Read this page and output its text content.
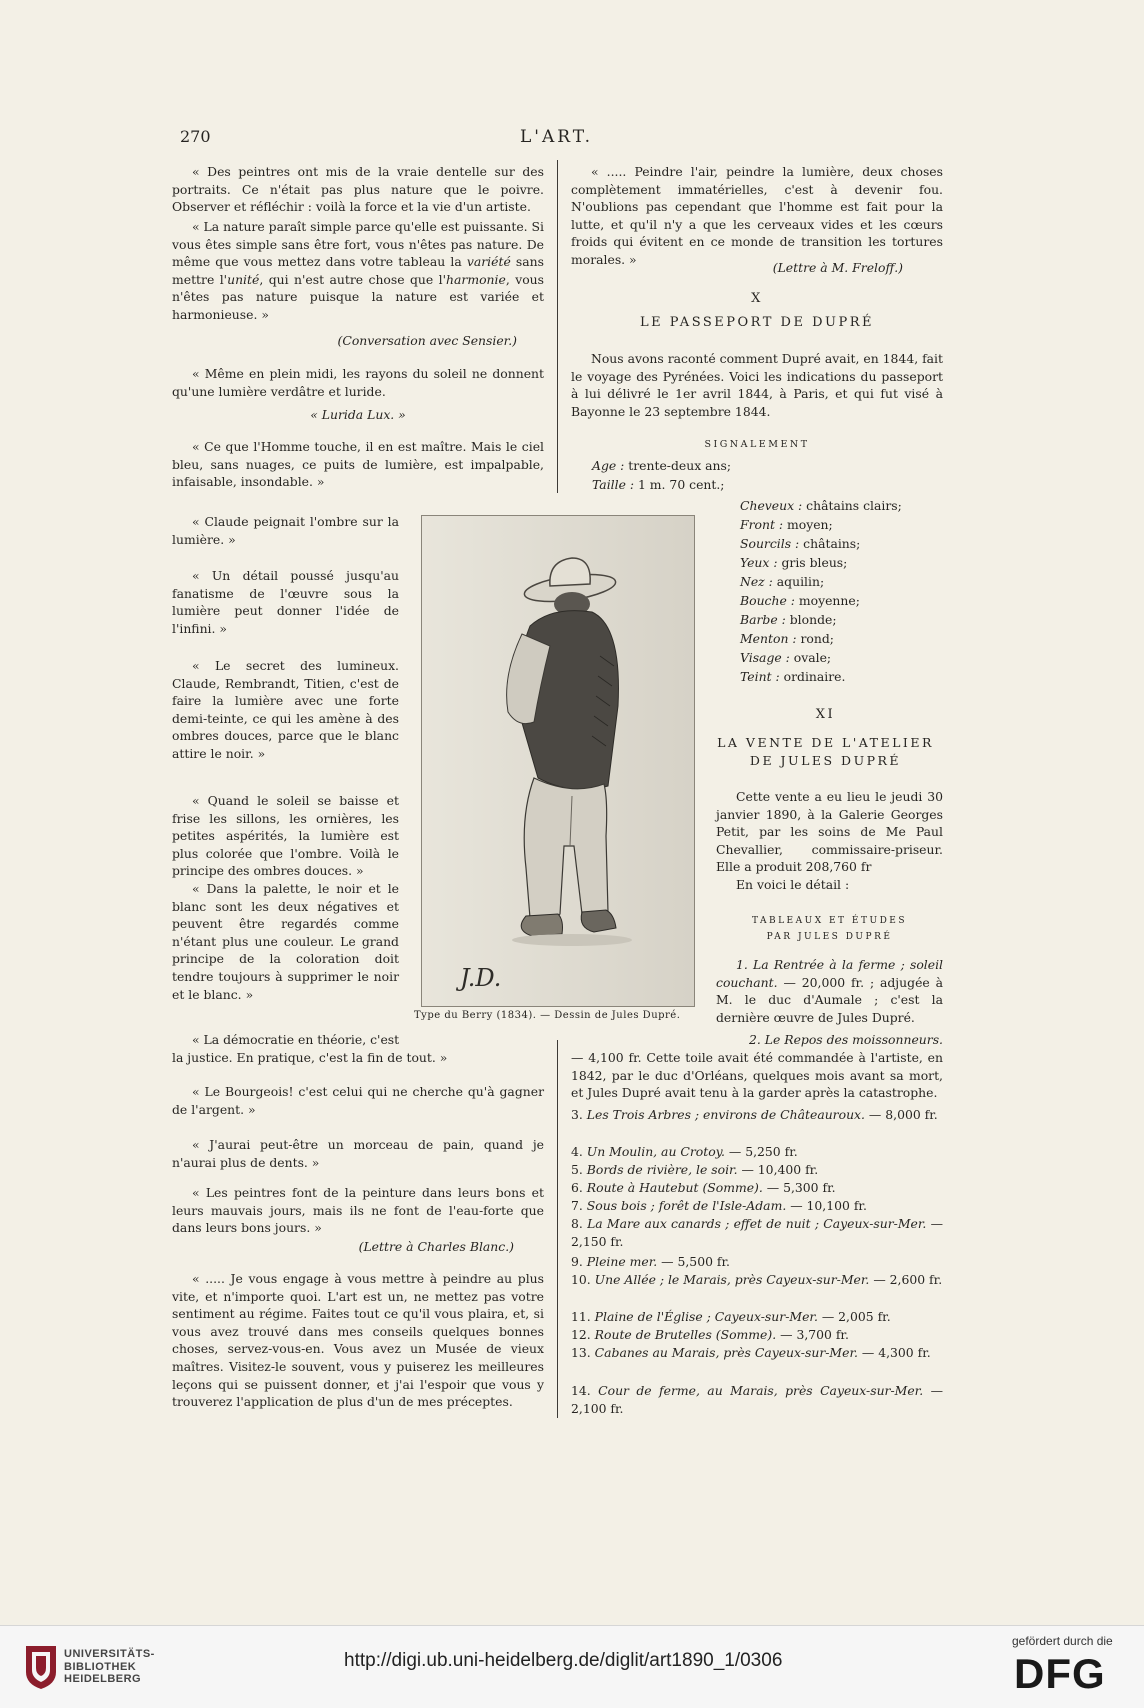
270	L'ART.
« Des peintres ont mis de la vraie dentelle sur des portraits. Ce n'était pas plus nature que le poivre. Observer et réfléchir : voilà la force et la vie d'un artiste.
« La nature paraît simple parce qu'elle est puissante. Si vous êtes simple sans être fort, vous n'êtes pas nature. De même que vous mettez dans votre tableau la variété sans mettre l'unité, qui n'est autre chose que l'harmonie, vous n'êtes pas nature puisque la nature est variée et harmonieuse. »
(Conversation avec Sensier.)
« Même en plein midi, les rayons du soleil ne donnent qu'une lumière verdâtre et luride.
« Lurida Lux. »
« Ce que l'Homme touche, il en est maître. Mais le ciel bleu, sans nuages, ce puits de lumière, est impalpable, infaisable, insondable. »
« Claude peignait l'ombre sur la lumière. »
« Un détail poussé jusqu'au fanatisme de l'œuvre sous la lumière peut donner l'idée de l'infini. »
« Le secret des lumineux. Claude, Rembrandt, Titien, c'est de faire la lumière avec une forte demi-teinte, ce qui les amène à des ombres douces, parce que le blanc attire le noir. »
« Quand le soleil se baisse et frise les sillons, les ornières, les petites aspérités, la lumière est plus colorée que l'ombre. Voilà le principe des ombres douces. »
« Dans la palette, le noir et le blanc sont les deux négatives et peuvent être regardés comme n'étant plus une couleur. Le grand principe de la coloration doit tendre toujours à supprimer le noir et le blanc. »
« La démocratie en théorie, c'est
la justice. En pratique, c'est la fin de tout. »
« Le Bourgeois! c'est celui qui ne cherche qu'à gagner de l'argent. »
« J'aurai peut-être un morceau de pain, quand je n'aurai plus de dents. »
« Les peintres font de la peinture dans leurs bons et leurs mauvais jours, mais ils ne font de l'eau-forte que dans leurs bons jours. »
(Lettre à Charles Blanc.)
« ..... Je vous engage à vous mettre à peindre au plus vite, et n'importe quoi. L'art est un, ne mettez pas votre sentiment au régime. Faites tout ce qu'il vous plaira, et, si vous avez trouvé dans mes conseils quelques bonnes choses, servez-vous-en. Vous avez un Musée de vieux maîtres. Visitez-le souvent, vous y puiserez les meilleures leçons qui se puissent donner, et j'ai l'espoir que vous y trouverez l'application de plus d'un de mes préceptes.
J.D.
Type du Berry (1834). — Dessin de Jules Dupré.
« ..... Peindre l'air, peindre la lumière, deux choses complètement immatérielles, c'est à devenir fou. N'oublions pas cependant que l'homme est fait pour la lutte, et qu'il n'y a que les cerveaux vides et les cœurs froids qui évitent en ce monde de transition les tortures morales. »
(Lettre à M. Freloff.)
X
LE PASSEPORT DE DUPRÉ
Nous avons raconté comment Dupré avait, en 1844, fait le voyage des Pyrénées. Voici les indications du passeport à lui délivré le 1er avril 1844, à Paris, et qui fut visé à Bayonne le 23 septembre 1844.
SIGNALEMENT
Age : trente-deux ans;
Taille : 1 m. 70 cent.;
Cheveux : châtains clairs;
Front : moyen;
Sourcils : châtains;
Yeux : gris bleus;
Nez : aquilin;
Bouche : moyenne;
Barbe : blonde;
Menton : rond;
Visage : ovale;
Teint : ordinaire.
XI
LA VENTE DE L'ATELIER
DE JULES DUPRÉ
Cette vente a eu lieu le jeudi 30 janvier 1890, à la Galerie Georges Petit, par les soins de Me Paul Chevallier, commissaire-priseur. Elle a produit 208,760 fr
En voici le détail :
TABLEAUX ET ÉTUDES
PAR JULES DUPRÉ
1. La Rentrée à la ferme ; soleil couchant. — 20,000 fr. ; adjugée à M. le duc d'Aumale ; c'est la dernière œuvre de Jules Dupré.
2. Le Repos des moissonneurs.
— 4,100 fr. Cette toile avait été commandée à l'artiste, en 1842, par le duc d'Orléans, quelques mois avant sa mort, et Jules Dupré avait tenu à la garder après la catastrophe.
3. Les Trois Arbres ; environs de Châteauroux. — 8,000 fr.
4. Un Moulin, au Crotoy. — 5,250 fr.
5. Bords de rivière, le soir. — 10,400 fr.
6. Route à Hautebut (Somme). — 5,300 fr.
7. Sous bois ; forêt de l'Isle-Adam. — 10,100 fr.
8. La Mare aux canards ; effet de nuit ; Cayeux-sur-Mer. — 2,150 fr.
9. Pleine mer. — 5,500 fr.
10. Une Allée ; le Marais, près Cayeux-sur-Mer. — 2,600 fr.
11. Plaine de l'Église ; Cayeux-sur-Mer. — 2,005 fr.
12. Route de Brutelles (Somme). — 3,700 fr.
13. Cabanes au Marais, près Cayeux-sur-Mer. — 4,300 fr.
14. Cour de ferme, au Marais, près Cayeux-sur-Mer. — 2,100 fr.
UNIVERSITÄTS-
BIBLIOTHEK
HEIDELBERG
http://digi.ub.uni-heidelberg.de/diglit/art1890_1/0306
gefördert durch die
DFG
